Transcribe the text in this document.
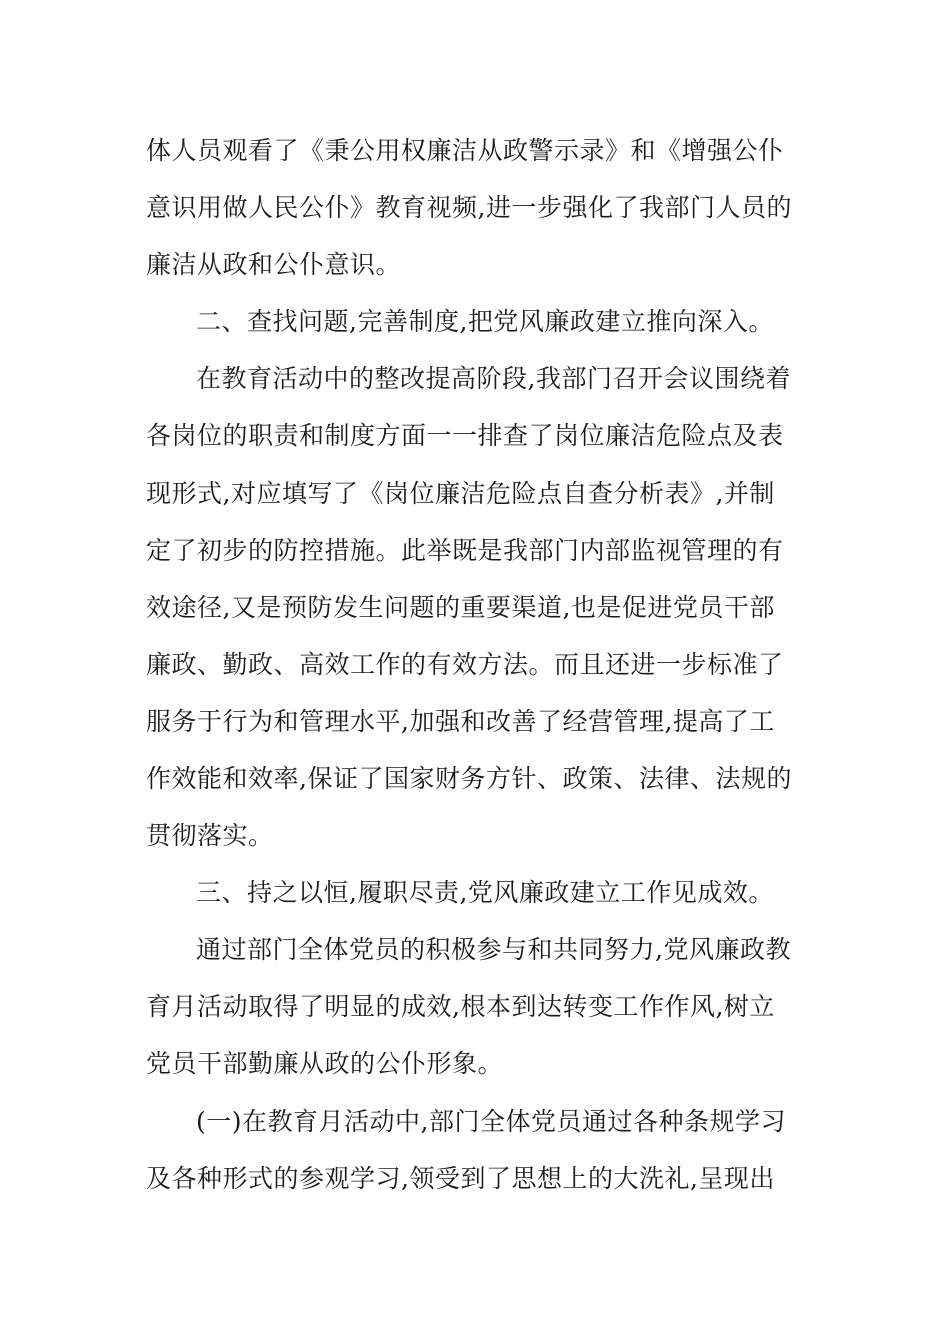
体人员观看了《秉公用权廉洁从政警示录》和《增强公仆
意识用做人民公仆》教育视频,进一步强化了我部门人员的
廉洁从政和公仆意识。
二、查找问题,完善制度,把党风廉政建立推向深入。
在教育活动中的整改提高阶段,我部门召开会议围绕着
各岗位的职责和制度方面一一排查了岗位廉洁危险点及表
现形式,对应填写了《岗位廉洁危险点自查分析表》,并制
定了初步的防控措施。此举既是我部门内部监视管理的有
效途径,又是预防发生问题的重要渠道,也是促进党员干部
廉政、勤政、高效工作的有效方法。而且还进一步标准了
服务于行为和管理水平,加强和改善了经营管理,提高了工
作效能和效率,保证了国家财务方针、政策、法律、法规的
贯彻落实。
三、持之以恒,履职尽责,党风廉政建立工作见成效。
通过部门全体党员的积极参与和共同努力,党风廉政教
育月活动取得了明显的成效,根本到达转变工作作风,树立
党员干部勤廉从政的公仆形象。
(一)在教育月活动中,部门全体党员通过各种条规学习
及各种形式的参观学习,领受到了思想上的大洗礼,呈现出
